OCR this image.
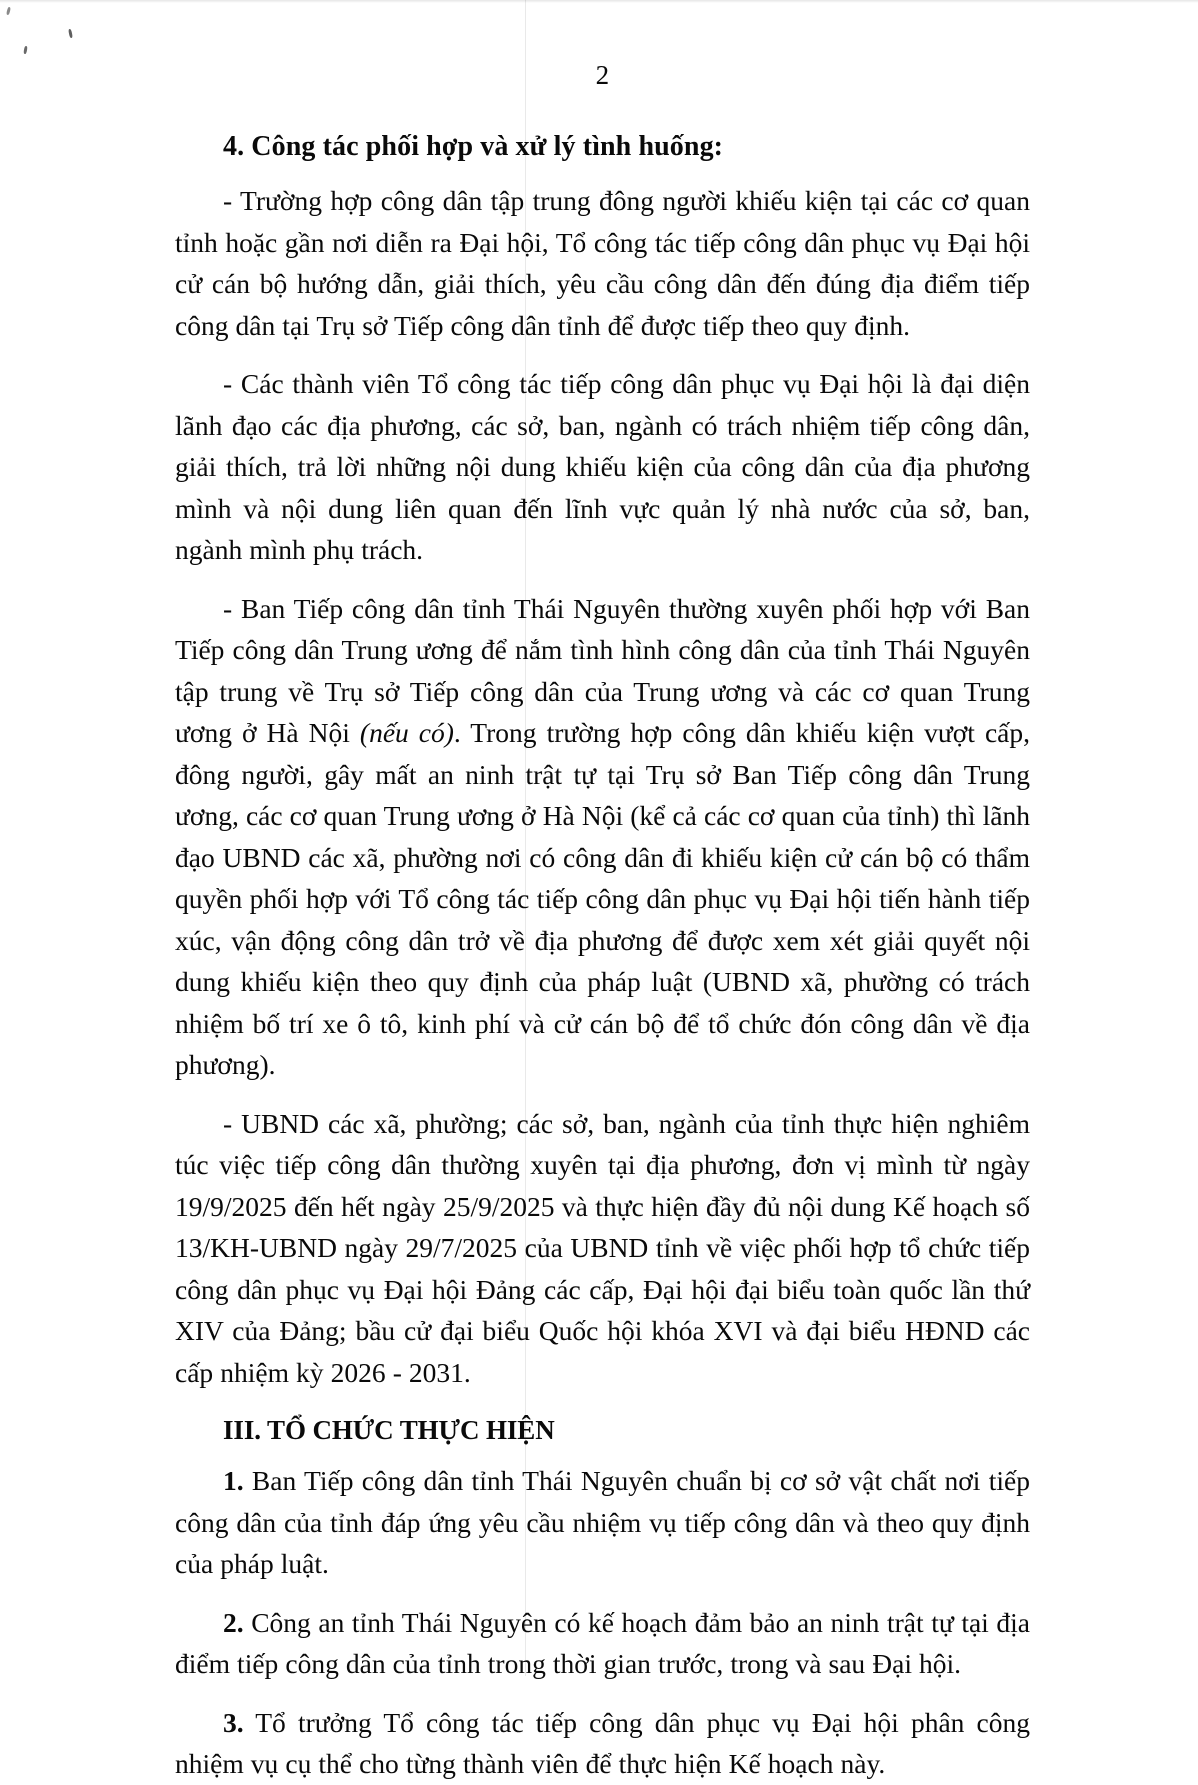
2
4. Công tác phối hợp và xử lý tình huống:

- Trường hợp công dân tập trung đông người khiếu kiện tại các cơ quan tỉnh hoặc gần nơi diễn ra Đại hội, Tổ công tác tiếp công dân phục vụ Đại hội cử cán bộ hướng dẫn, giải thích, yêu cầu công dân đến đúng địa điểm tiếp công dân tại Trụ sở Tiếp công dân tỉnh để được tiếp theo quy định.

- Các thành viên Tổ công tác tiếp công dân phục vụ Đại hội là đại diện lãnh đạo các địa phương, các sở, ban, ngành có trách nhiệm tiếp công dân, giải thích, trả lời những nội dung khiếu kiện của công dân của địa phương mình và nội dung liên quan đến lĩnh vực quản lý nhà nước của sở, ban, ngành mình phụ trách.

- Ban Tiếp công dân tỉnh Thái Nguyên thường xuyên phối hợp với Ban Tiếp công dân Trung ương để nắm tình hình công dân của tỉnh Thái Nguyên tập trung về Trụ sở Tiếp công dân của Trung ương và các cơ quan Trung ương ở Hà Nội (nếu có). Trong trường hợp công dân khiếu kiện vượt cấp, đông người, gây mất an ninh trật tự tại Trụ sở Ban Tiếp công dân Trung ương, các cơ quan Trung ương ở Hà Nội (kể cả các cơ quan của tỉnh) thì lãnh đạo UBND các xã, phường nơi có công dân đi khiếu kiện cử cán bộ có thẩm quyền phối hợp với Tổ công tác tiếp công dân phục vụ Đại hội tiến hành tiếp xúc, vận động công dân trở về địa phương để được xem xét giải quyết nội dung khiếu kiện theo quy định của pháp luật (UBND xã, phường có trách nhiệm bố trí xe ô tô, kinh phí và cử cán bộ để tổ chức đón công dân về địa phương).

- UBND các xã, phường; các sở, ban, ngành của tỉnh thực hiện nghiêm túc việc tiếp công dân thường xuyên tại địa phương, đơn vị mình từ ngày 19/9/2025 đến hết ngày 25/9/2025 và thực hiện đầy đủ nội dung Kế hoạch số 13/KH-UBND ngày 29/7/2025 của UBND tỉnh về việc phối hợp tổ chức tiếp công dân phục vụ Đại hội Đảng các cấp, Đại hội đại biểu toàn quốc lần thứ XIV của Đảng; bầu cử đại biểu Quốc hội khóa XVI và đại biểu HĐND các cấp nhiệm kỳ 2026 - 2031.

III. TỔ CHỨC THỰC HIỆN

1. Ban Tiếp công dân tỉnh Thái Nguyên chuẩn bị cơ sở vật chất nơi tiếp công dân của tỉnh đáp ứng yêu cầu nhiệm vụ tiếp công dân và theo quy định của pháp luật.

2. Công an tỉnh Thái Nguyên có kế hoạch đảm bảo an ninh trật tự tại địa điểm tiếp công dân của tỉnh trong thời gian trước, trong và sau Đại hội.

3. Tổ trưởng Tổ công tác tiếp công dân phục vụ Đại hội phân công nhiệm vụ cụ thể cho từng thành viên để thực hiện Kế hoạch này.
